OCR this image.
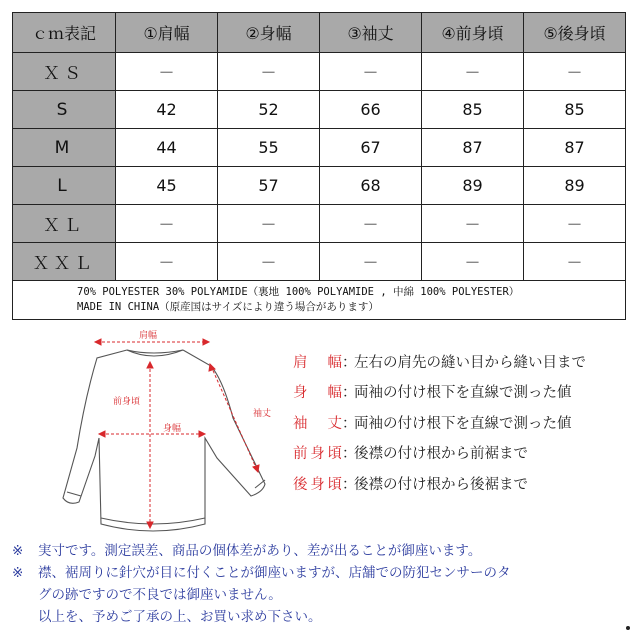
ｃｍ表記	①肩幅	②身幅	③袖丈	④前身頃	⑤後身頃
ＸＳ	－	－	－	－	－
S	42	52	66	85	85
M	44	55	67	87	87
L	45	57	68	89	89
ＸＬ	－	－	－	－	－
ＸＸＬ	－	－	－	－	－

70% POLYESTER 30% POLYAMIDE（裏地 100% POLYAMIDE , 中綿 100% POLYESTER）
MADE IN CHINA（原産国はサイズにより違う場合があります）					
肩幅
前身頃
身幅
袖丈
肩　幅 ：
左右の肩先の縫い目から縫い目まで
身　幅 ：
両袖の付け根下を直線で測った値
袖　丈 ：
両袖の付け根下を直線で測った値
前身頃 ：
後襟の付け根から前裾まで
後身頃 ：
後襟の付け根から後裾まで
※	実寸です。測定誤差、商品の個体差があり、差が出ることが御座います。
※	襟、裾周りに針穴が目に付くことが御座いますが、店舗での防犯センサーのタ
グの跡ですので不良では御座いません。
以上を、予めご了承の上、お買い求め下さい。
